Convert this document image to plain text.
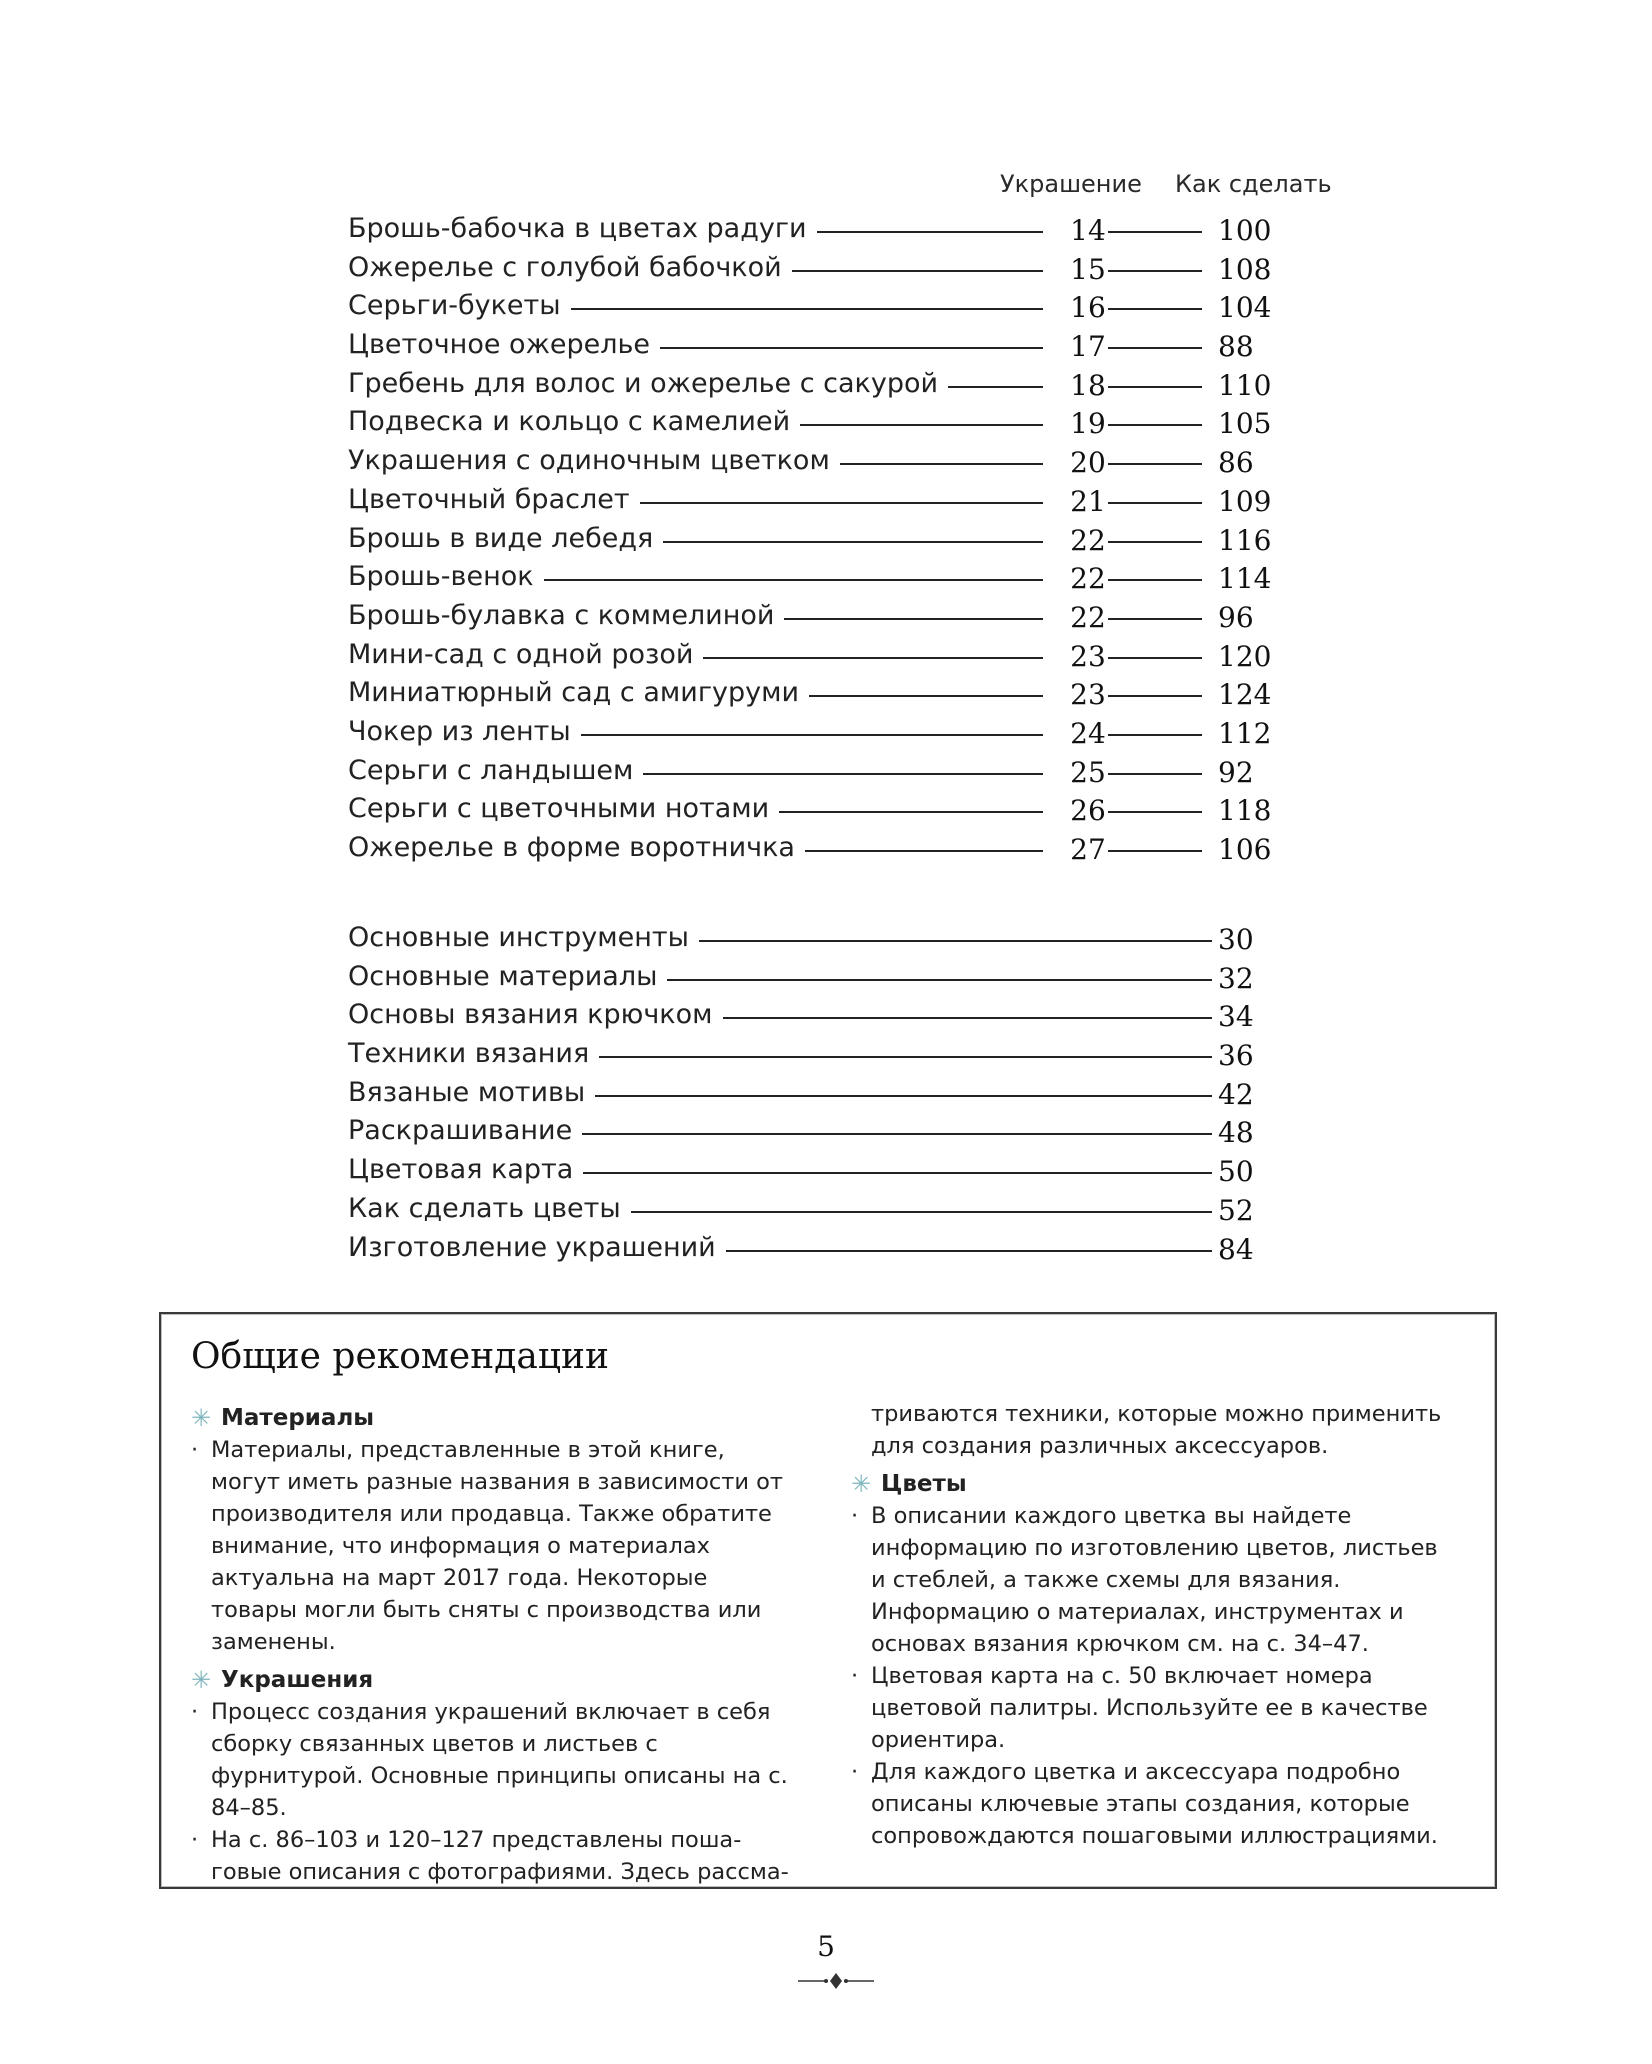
Украшение Как сделать
Брошь-бабочка в цветах радуги	14	100
Ожерелье с голубой бабочкой	15	108
Серьги-букеты	16	104
Цветочное ожерелье	17	88
Гребень для волос и ожерелье с сакурой	18	110
Подвеска и кольцо с камелией	19	105
Украшения с одиночным цветком	20	86
Цветочный браслет	21	109
Брошь в виде лебедя	22	116
Брошь-венок	22	114
Брошь-булавка с коммелиной	22	96
Мини-сад с одной розой	23	120
Миниатюрный сад с амигуруми	23	124
Чокер из ленты	24	112
Серьги с ландышем	25	92
Серьги с цветочными нотами	26	118
Ожерелье в форме воротничка	27	106
Основные инструменты	30
Основные материалы	32
Основы вязания крючком	34
Техники вязания	36
Вязаные мотивы	42
Раскрашивание	48
Цветовая карта	50
Как сделать цветы	52
Изготовление украшений	84
Общие рекомендации
✳ Материалы
· Материалы, представленные в этой книге, могут иметь разные названия в зависимости от производителя или продавца. Также обратите внимание, что информация о материалах актуальна на март 2017 года. Некоторые товары могли быть сняты с производства или заменены.
✳ Украшения
· Процесс создания украшений включает в себя сборку связанных цветов и листьев с фурнитурой. Основные принципы описаны на с. 84–85.
· На с. 86–103 и 120–127 представлены пошаговые описания с фотографиями. Здесь рассма-
триваются техники, которые можно применить для создания различных аксессуаров.
✳ Цветы
· В описании каждого цветка вы найдете информацию по изготовлению цветов, листьев и стеблей, а также схемы для вязания. Информацию о материалах, инструментах и основах вязания крючком см. на с. 34–47.
· Цветовая карта на с. 50 включает номера цветовой палитры. Используйте ее в качестве ориентира.
· Для каждого цветка и аксессуара подробно описаны ключевые этапы создания, которые сопровождаются пошаговыми иллюстрациями.
5
